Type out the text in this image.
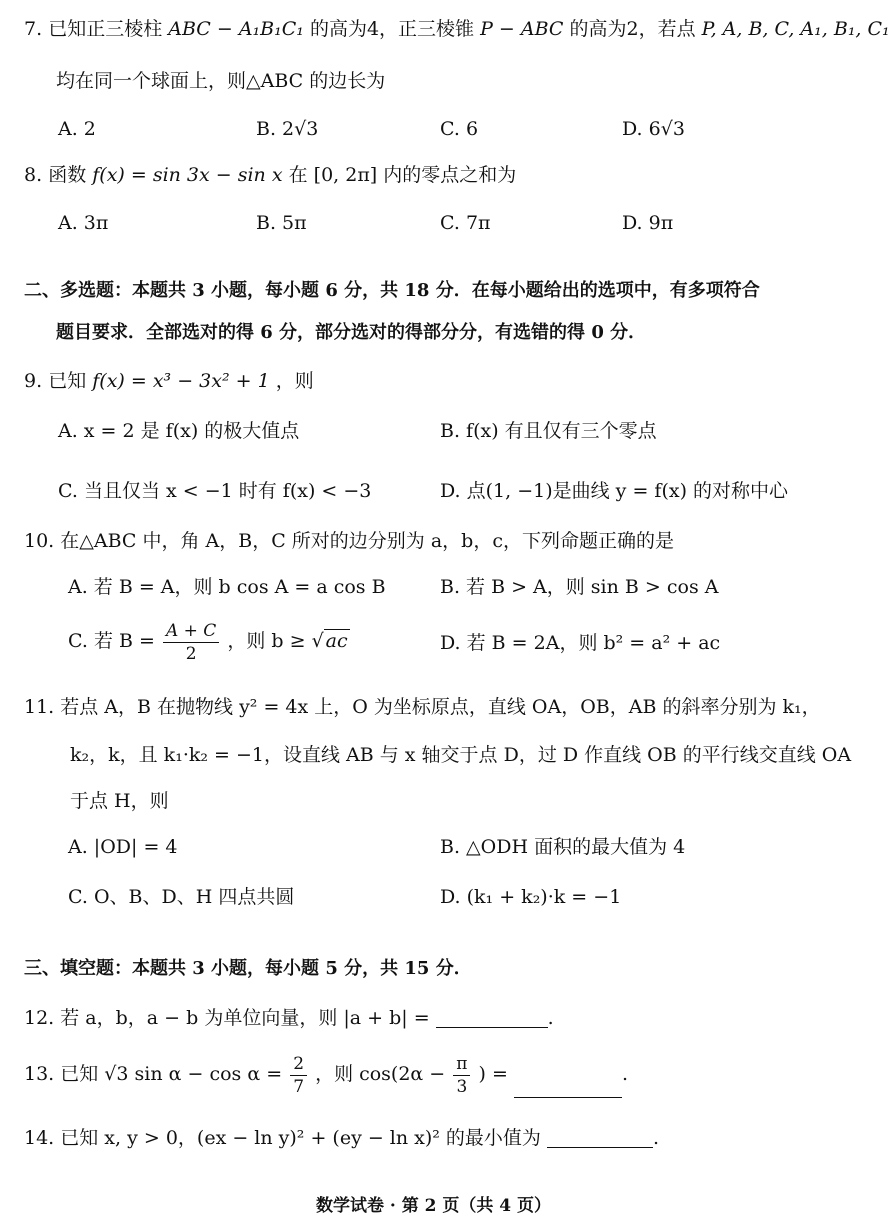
7. 已知正三棱柱 ABC − A₁B₁C₁ 的高为4，正三棱锥 P − ABC 的高为2，若点 P, A, B, C, A₁, B₁, C₁
均在同一个球面上，则△ABC 的边长为
A. 2	B. 2√3	C. 6	D. 6√3
8. 函数 f(x) = sin 3x − sin x 在 [0, 2π] 内的零点之和为
A. 3π	B. 5π	C. 7π	D. 9π
二、多选题：本题共 3 小题，每小题 6 分，共 18 分．在每小题给出的选项中，有多项符合
题目要求．全部选对的得 6 分，部分选对的得部分分，有选错的得 0 分．
9. 已知 f(x) = x³ − 3x² + 1 ，则
A. x = 2 是 f(x) 的极大值点	B. f(x) 有且仅有三个零点
C. 当且仅当 x < −1 时有 f(x) < −3	D. 点(1, −1)是曲线 y = f(x) 的对称中心
10. 在△ABC 中，角 A，B，C 所对的边分别为 a，b，c，下列命题正确的是
A. 若 B = A，则 b cos A = a cos B	B. 若 B > A，则 sin B > cos A
C. 若 $B = \frac{A + C}{2}$ ，则 b ≥ √ ac	D. 若 B = 2A，则 b² = a² + ac
11. 若点 A，B 在抛物线 y² = 4x 上，O 为坐标原点，直线 OA，OB，AB 的斜率分别为 k₁，
k₂，k，且 k₁·k₂ = −1，设直线 AB 与 x 轴交于点 D，过 D 作直线 OB 的平行线交直线 OA
于点 H，则
A. |OD| = 4	B. △ODH 面积的最大值为 4
C. O、B、D、H 四点共圆	D. (k₁ + k₂)·k = −1
三、填空题：本题共 3 小题，每小题 5 分，共 15 分．
12. 若 a，b，a − b 为单位向量，则 |a + b| =	.
13. 已知 √3 $\sin \alpha - \cos \alpha = \frac{2}{7}$ ，则 $\cos(2\alpha - \frac{\pi}{3}$ ) =	.
14. 已知 x, y > 0，(ex − ln y)² + (ey − ln x)² 的最小值为	.
数学试卷 · 第 2 页（共 4 页）
